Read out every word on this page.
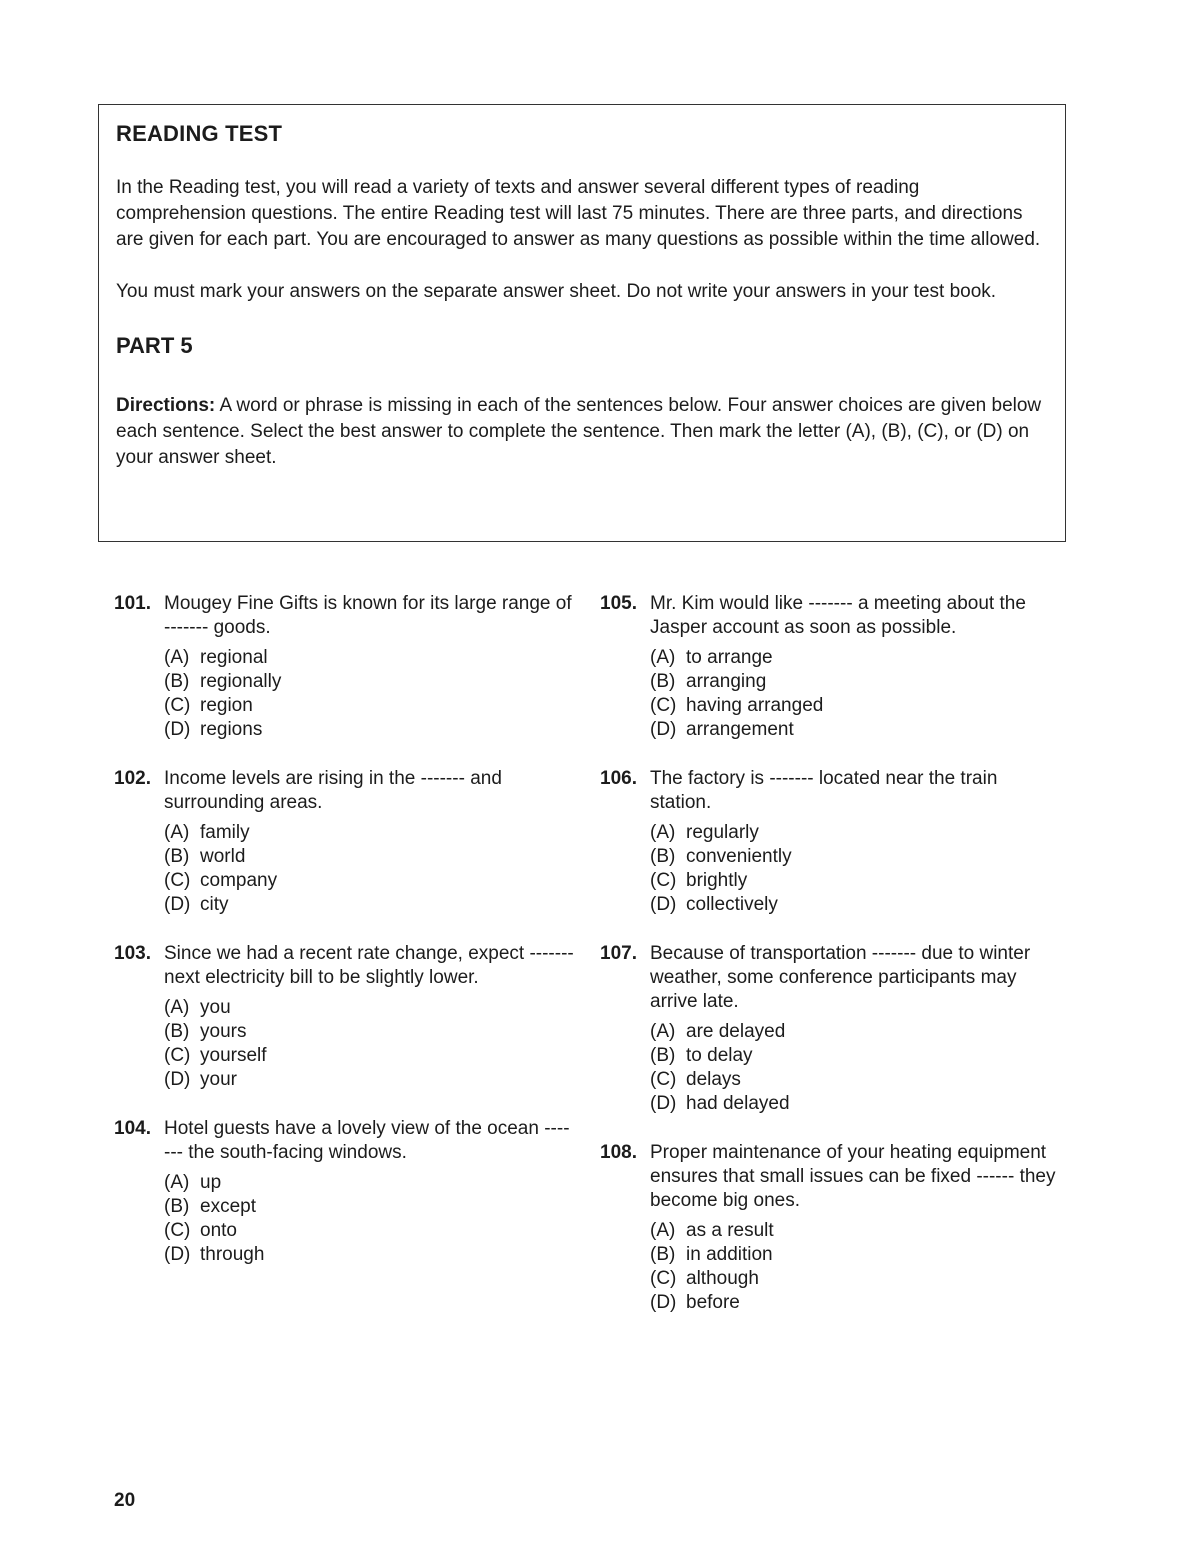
READING TEST

In the Reading test, you will read a variety of texts and answer several different types of reading comprehension questions. The entire Reading test will last 75 minutes. There are three parts, and directions are given for each part. You are encouraged to answer as many questions as possible within the time allowed.

You must mark your answers on the separate answer sheet. Do not write your answers in your test book.

PART 5

Directions: A word or phrase is missing in each of the sentences below. Four answer choices are given below each sentence. Select the best answer to complete the sentence. Then mark the letter (A), (B), (C), or (D) on your answer sheet.

101. Mougey Fine Gifts is known for its large range of ------- goods.
(A) regional
(B) regionally
(C) region
(D) regions
102. Income levels are rising in the ------- and surrounding areas.
(A) family
(B) world
(C) company
(D) city
103. Since we had a recent rate change, expect ------- next electricity bill to be slightly lower.
(A) you
(B) yours
(C) yourself
(D) your
104. Hotel guests have a lovely view of the ocean ------- the south-facing windows.
(A) up
(B) except
(C) onto
(D) through
105. Mr. Kim would like ------- a meeting about the Jasper account as soon as possible.
(A) to arrange
(B) arranging
(C) having arranged
(D) arrangement
106. The factory is ------- located near the train station.
(A) regularly
(B) conveniently
(C) brightly
(D) collectively
107. Because of transportation ------- due to winter weather, some conference participants may arrive late.
(A) are delayed
(B) to delay
(C) delays
(D) had delayed
108. Proper maintenance of your heating equipment ensures that small issues can be fixed ------ they become big ones.
(A) as a result
(B) in addition
(C) although
(D) before
20
